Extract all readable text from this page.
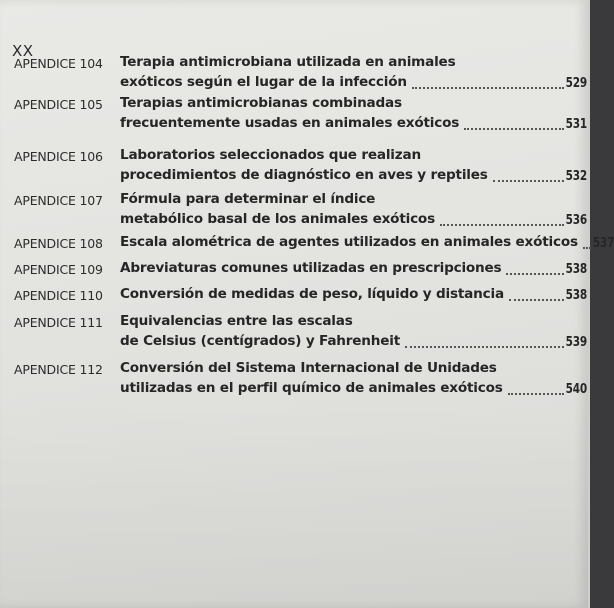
XX
APENDICE 104 Terapia antimicrobiana utilizada en animales
exóticos según el lugar de la infección	529
APENDICE 105 Terapias antimicrobianas combinadas
frecuentemente usadas en animales exóticos	531
APENDICE 106 Laboratorios seleccionados que realizan
procedimientos de diagnóstico en aves y reptiles	532
APENDICE 107 Fórmula para determinar el índice
metabólico basal de los animales exóticos	536
APENDICE 108 Escala alométrica de agentes utilizados en animales exóticos 537
APENDICE 109 Abreviaturas comunes utilizadas en prescripciones	538
APENDICE 110 Conversión de medidas de peso, líquido y distancia	538
APENDICE 111 Equivalencias entre las escalas
de Celsius (centígrados) y Fahrenheit	539
APENDICE 112 Conversión del Sistema Internacional de Unidades
utilizadas en el perfil químico de animales exóticos	540
